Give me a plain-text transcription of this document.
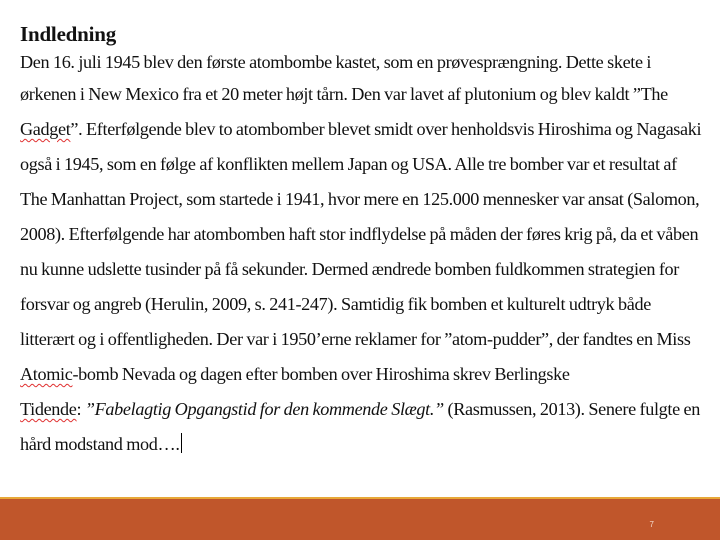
Indledning
Den 16. juli 1945 blev den første atombombe kastet, som en prøvesprængning. Dette skete i
ørkenen i New Mexico fra et 20 meter højt tårn. Den var lavet af plutonium og blev kaldt ”The
Gadget”. Efterfølgende blev to atombomber blevet smidt over henholdsvis Hiroshima og Nagasaki
også i 1945, som en følge af konflikten mellem Japan og USA. Alle tre bomber var et resultat af
The Manhattan Project, som startede i 1941, hvor mere en 125.000 mennesker var ansat (Salomon,
2008). Efterfølgende har atombomben haft stor indflydelse på måden der føres krig på, da et våben
nu kunne udslette tusinder på få sekunder. Dermed ændrede bomben fuldkommen strategien for
forsvar og angreb (Herulin, 2009, s. 241-247). Samtidig fik bomben et kulturelt udtryk både
litterært og i offentligheden. Der var i 1950’erne reklamer for ”atom-pudder”, der fandtes en Miss
Atomic-bomb Nevada og dagen efter bomben over Hiroshima skrev Berlingske
Tidende: ”Fabelagtig Opgangstid for den kommende Slægt.” (Rasmussen, 2013). Senere fulgte en
hård modstand mod….
7
